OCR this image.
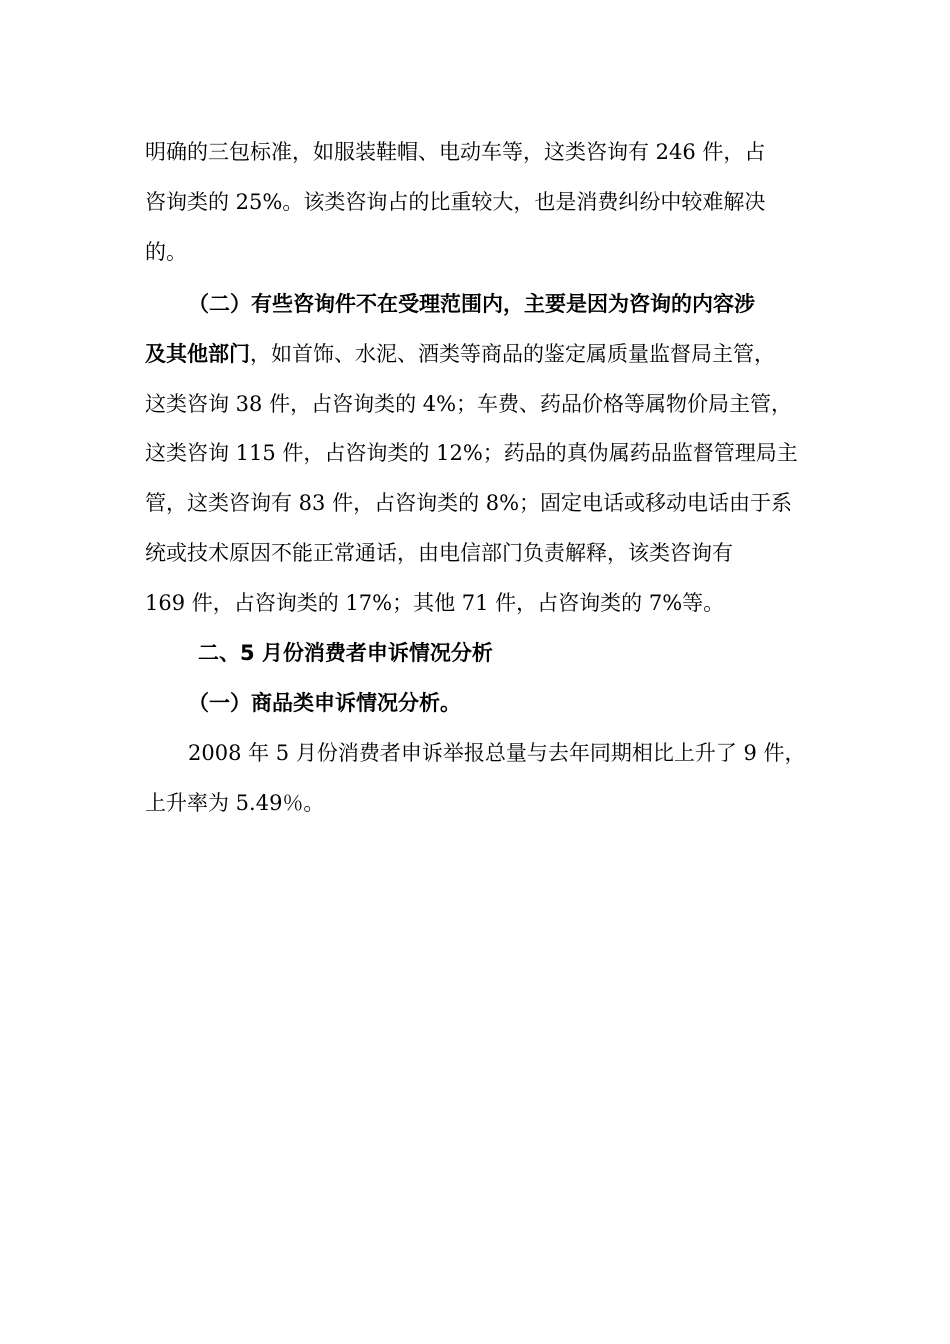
明确的三包标准，如服装鞋帽、电动车等，这类咨询有 246 件，占
咨询类的 25%。该类咨询占的比重较大，也是消费纠纷中较难解决
的。
（二）有些咨询件不在受理范围内，主要是因为咨询的内容涉
及其他部门，如首饰、水泥、酒类等商品的鉴定属质量监督局主管，
这类咨询 38 件，占咨询类的 4%；车费、药品价格等属物价局主管，
这类咨询 115 件，占咨询类的 12%；药品的真伪属药品监督管理局主
管，这类咨询有 83 件，占咨询类的 8%；固定电话或移动电话由于系
统或技术原因不能正常通话，由电信部门负责解释，该类咨询有
169 件，占咨询类的 17%；其他 71 件，占咨询类的 7%等。
二、5 月份消费者申诉情况分析
（一）商品类申诉情况分析。
2008 年 5 月份消费者申诉举报总量与去年同期相比上升了 9 件，
上升率为 5.49％。
